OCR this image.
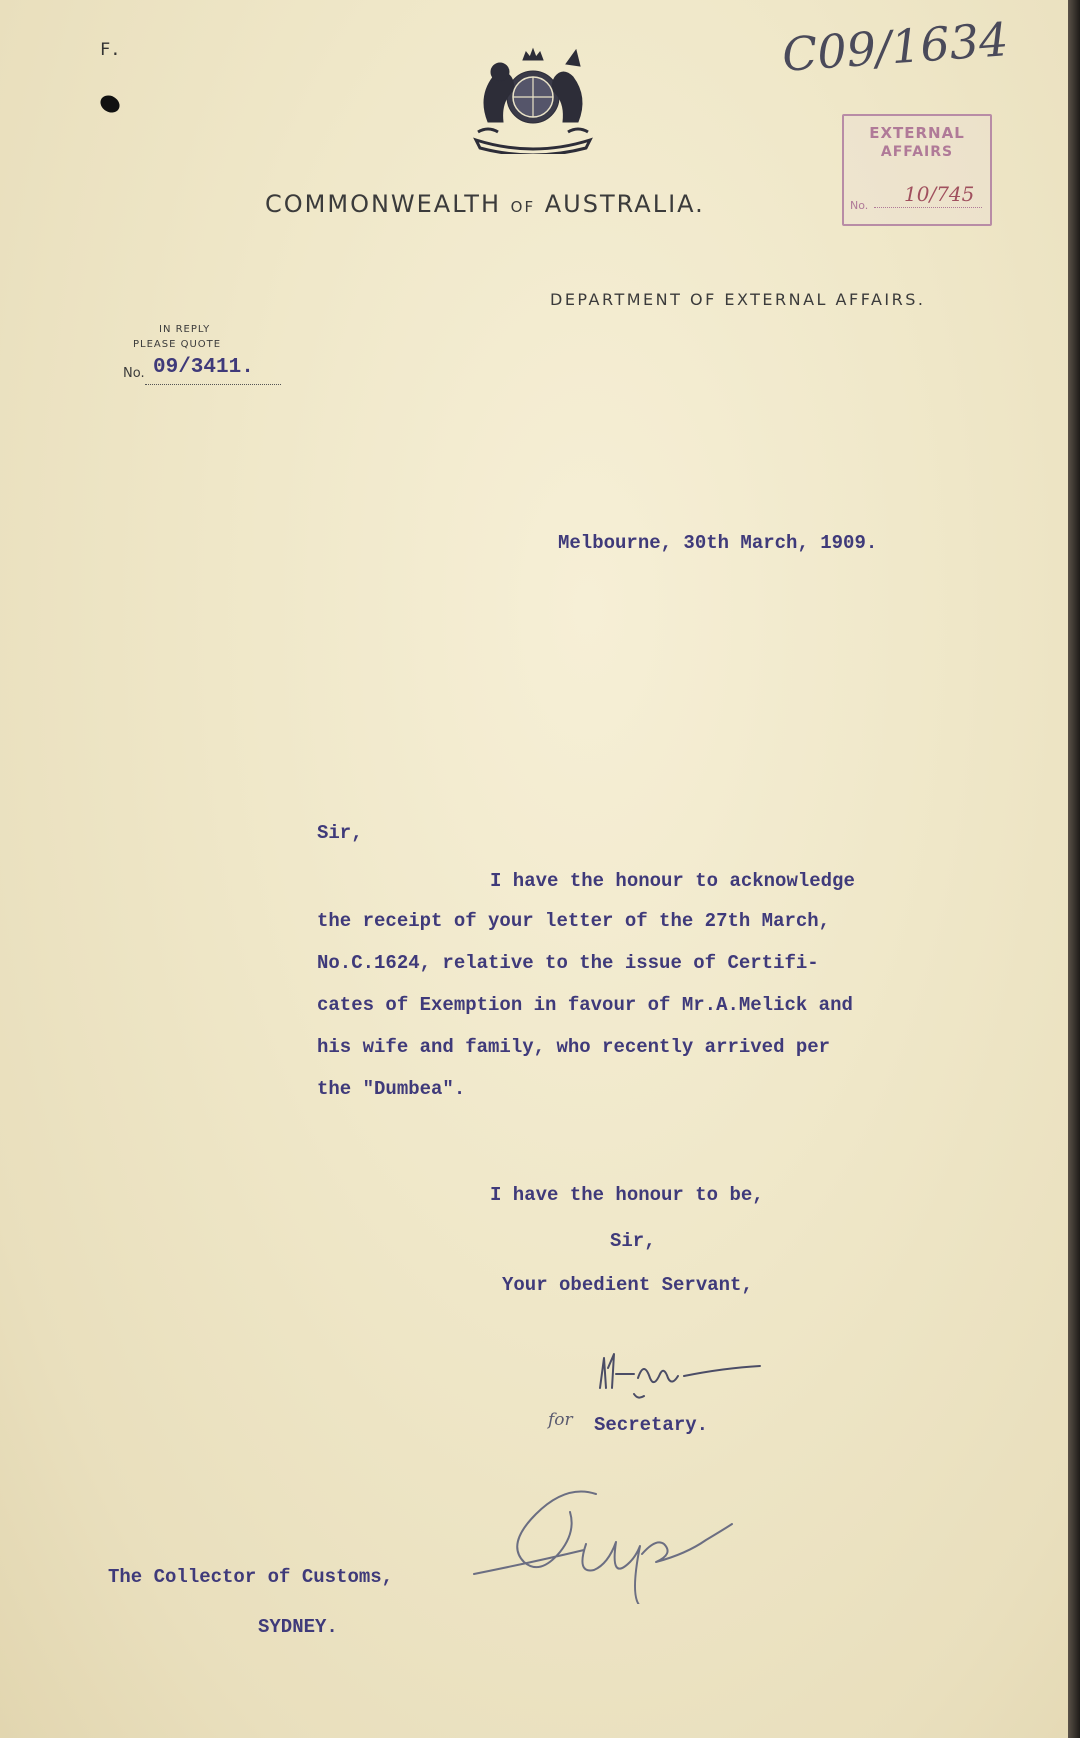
F.	C09/1634
EXTERNAL
AFFAIRS
No. 10/745
COMMONWEALTH OF AUSTRALIA.
DEPARTMENT OF EXTERNAL AFFAIRS.
IN REPLY
PLEASE QUOTE
No. 09/3411.
Melbourne, 30th March, 1909.
Sir,
I have the honour to acknowledge
the receipt of your letter of the 27th March,
No.C.1624, relative to the issue of Certifi-
cates of Exemption in favour of Mr.A.Melick and
his wife and family, who recently arrived per
the "Dumbea".
I have the honour to be,
Sir,
Your obedient Servant,
for Secretary.
The Collector of Customs,
SYDNEY.
